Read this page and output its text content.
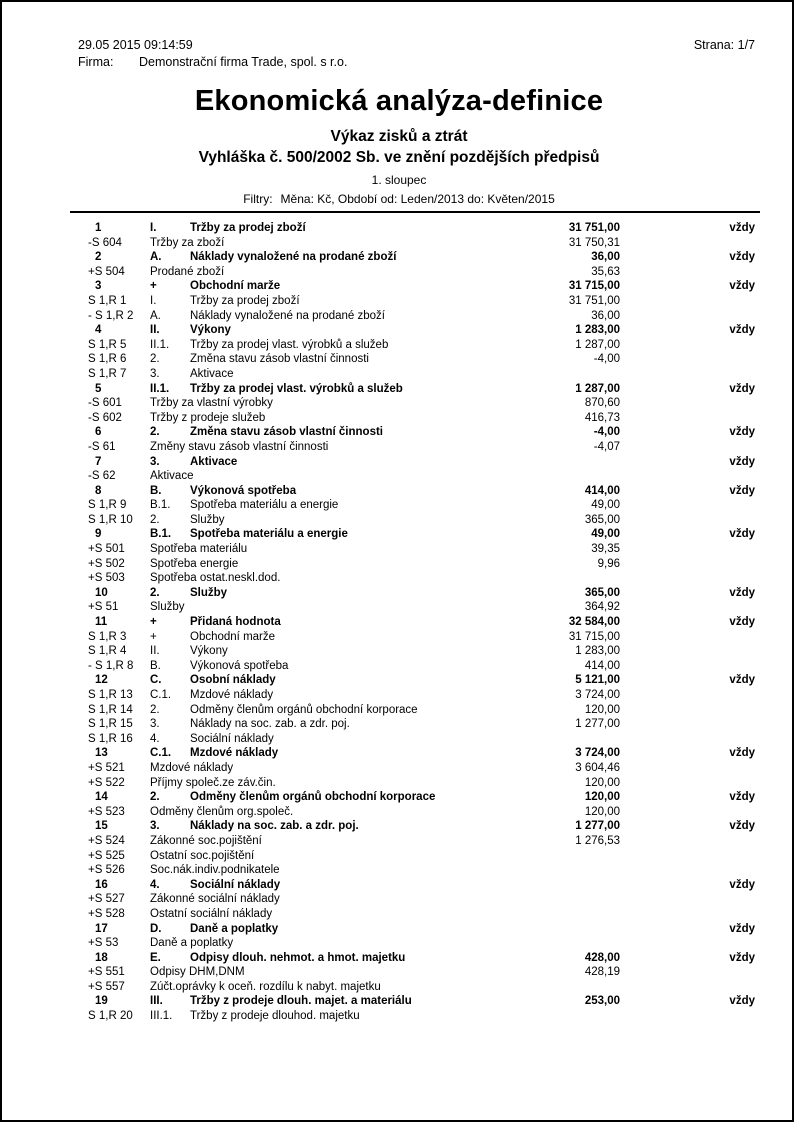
29.05 2015 09:14:59	Strana: 1/7
Firma:	Demonstrační firma Trade, spol. s r.o.
Ekonomická analýza-definice
Výkaz zisků a ztrát
Vyhláška č. 500/2002 Sb. ve znění pozdějších předpisů
1. sloupec
Filtry: Měna: Kč, Období od: Leden/2013 do: Květen/2015
1	I.	Tržby za prodej zboží	31 751,00	vždy
-S 604	Tržby za zboží	31 750,31
2	A.	Náklady vynaložené na prodané zboží	36,00	vždy
+S 504	Prodané zboží	35,63
3	+	Obchodní marže	31 715,00	vždy
S 1,R 1	I.	Tržby za prodej zboží	31 751,00
- S 1,R 2	A.	Náklady vynaložené na prodané zboží	36,00
4	II.	Výkony	1 283,00	vždy
S 1,R 5	II.1.	Tržby za prodej vlast. výrobků a služeb	1 287,00
S 1,R 6	2.	Změna stavu zásob vlastní činnosti	-4,00
S 1,R 7	3.	Aktivace
5	II.1.	Tržby za prodej vlast. výrobků a služeb	1 287,00	vždy
-S 601	Tržby za vlastní výrobky	870,60
-S 602	Tržby z prodeje služeb	416,73
6	2.	Změna stavu zásob vlastní činnosti	-4,00	vždy
-S 61	Změny stavu zásob vlastní činnosti	-4,07
7	3.	Aktivace	vždy
-S 62	Aktivace
8	B.	Výkonová spotřeba	414,00	vždy
S 1,R 9	B.1.	Spotřeba materiálu a energie	49,00
S 1,R 10	2.	Služby	365,00
9	B.1.	Spotřeba materiálu a energie	49,00	vždy
+S 501	Spotřeba materiálu	39,35
+S 502	Spotřeba energie	9,96
+S 503	Spotřeba ostat.neskl.dod.
10	2.	Služby	365,00	vždy
+S 51	Služby	364,92
11	+	Přidaná hodnota	32 584,00	vždy
S 1,R 3	+	Obchodní marže	31 715,00
S 1,R 4	II.	Výkony	1 283,00
- S 1,R 8	B.	Výkonová spotřeba	414,00
12	C.	Osobní náklady	5 121,00	vždy
S 1,R 13	C.1.	Mzdové náklady	3 724,00
S 1,R 14	2.	Odměny členům orgánů obchodní korporace	120,00
S 1,R 15	3.	Náklady na soc. zab. a zdr. poj.	1 277,00
S 1,R 16	4.	Sociální náklady
13	C.1.	Mzdové náklady	3 724,00	vždy
+S 521	Mzdové náklady	3 604,46
+S 522	Příjmy společ.ze záv.čin.	120,00
14	2.	Odměny členům orgánů obchodní korporace	120,00	vždy
+S 523	Odměny členům org.společ.	120,00
15	3.	Náklady na soc. zab. a zdr. poj.	1 277,00	vždy
+S 524	Zákonné soc.pojištění	1 276,53
+S 525	Ostatní soc.pojištění
+S 526	Soc.nák.indiv.podnikatele
16	4.	Sociální náklady	vždy
+S 527	Zákonné sociální náklady
+S 528	Ostatní sociální náklady
17	D.	Daně a poplatky	vždy
+S 53	Daně a poplatky
18	E.	Odpisy dlouh. nehmot. a hmot. majetku	428,00	vždy
+S 551	Odpisy DHM,DNM	428,19
+S 557	Zúčt.oprávky k oceň. rozdílu k nabyt. majetku
19	III.	Tržby z prodeje dlouh. majet. a materiálu	253,00	vždy
S 1,R 20	III.1.	Tržby z prodeje dlouhod. majetku
